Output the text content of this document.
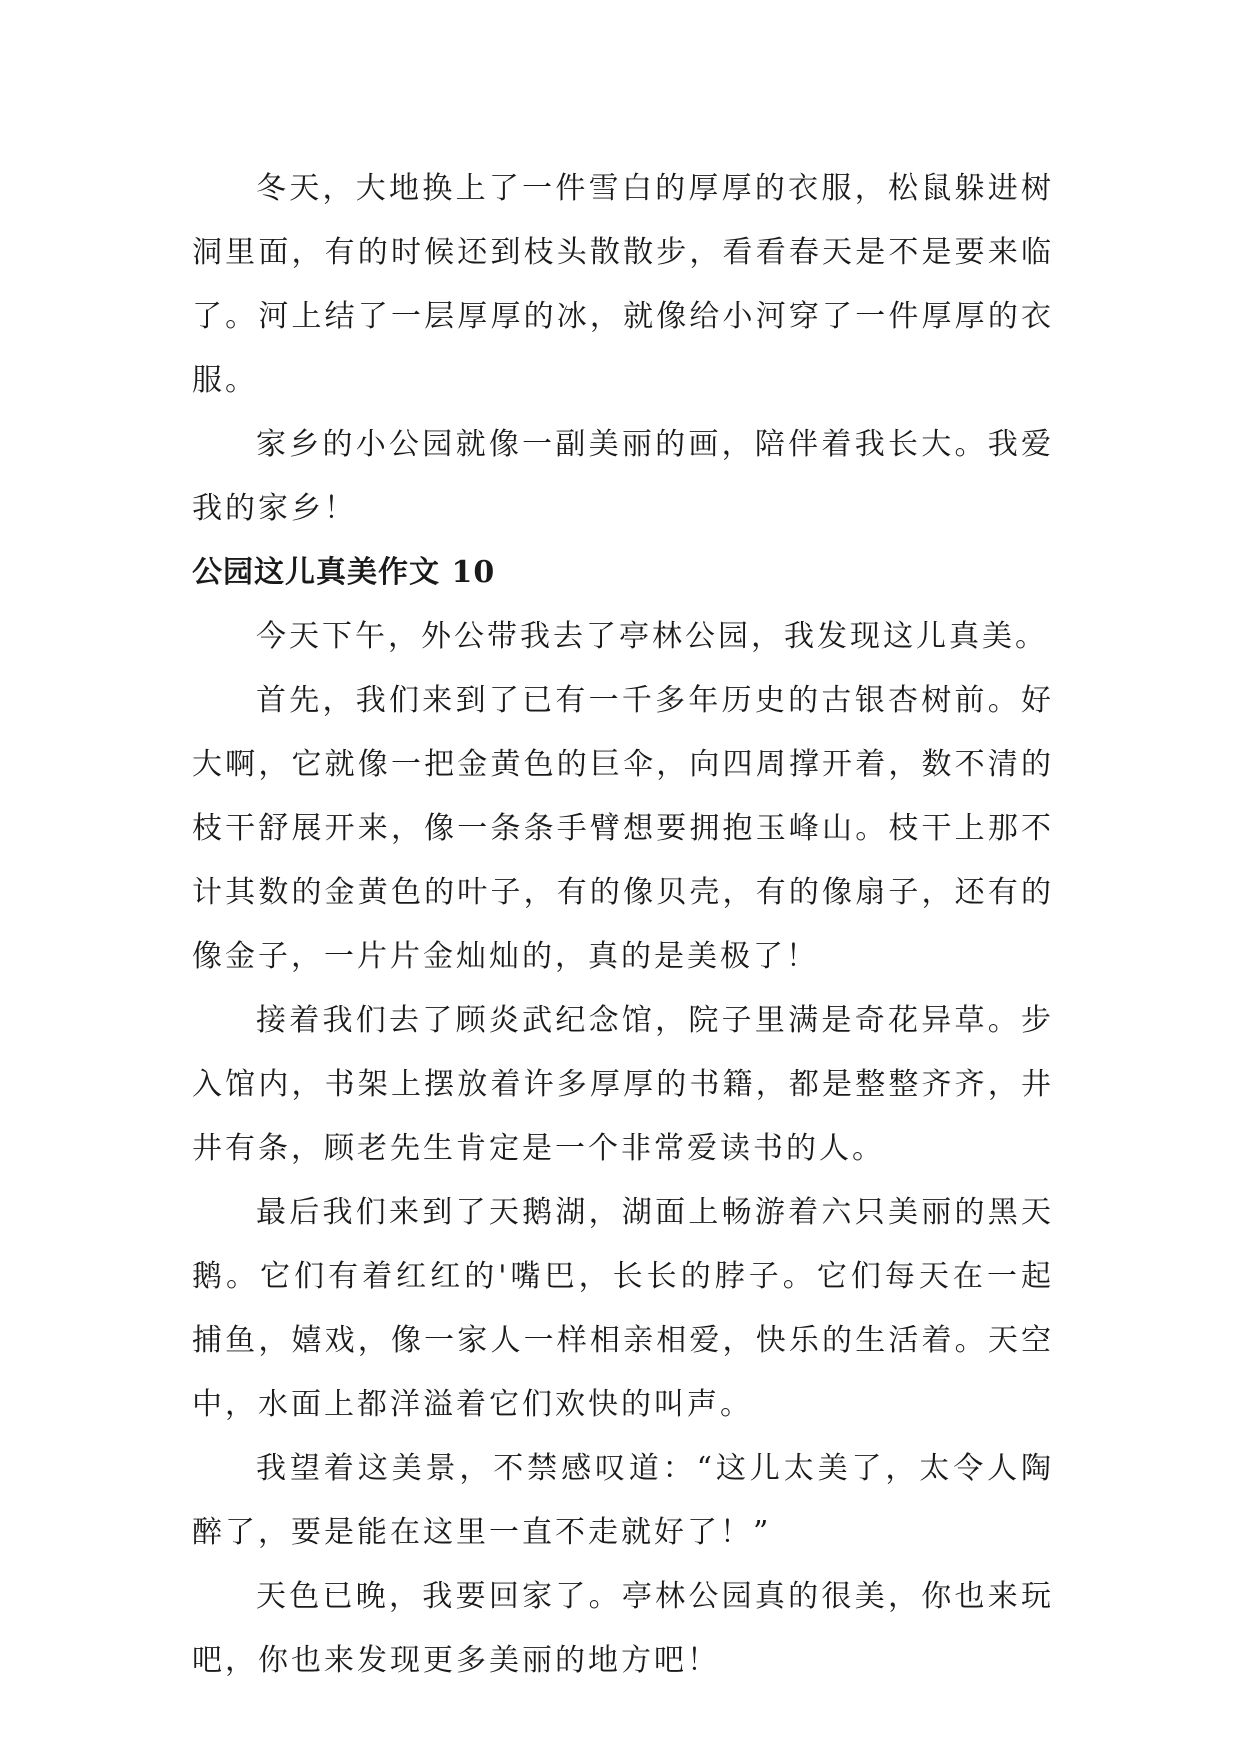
冬天，大地换上了一件雪白的厚厚的衣服，松鼠躲进树洞里面，有的时候还到枝头散散步，看看春天是不是要来临了。河上结了一层厚厚的冰，就像给小河穿了一件厚厚的衣服。

家乡的小公园就像一副美丽的画，陪伴着我长大。我爱我的家乡！

公园这儿真美作文 10

今天下午，外公带我去了亭林公园，我发现这儿真美。

首先，我们来到了已有一千多年历史的古银杏树前。好大啊，它就像一把金黄色的巨伞，向四周撑开着，数不清的枝干舒展开来，像一条条手臂想要拥抱玉峰山。枝干上那不计其数的金黄色的叶子，有的像贝壳，有的像扇子，还有的像金子，一片片金灿灿的，真的是美极了！

接着我们去了顾炎武纪念馆，院子里满是奇花异草。步入馆内，书架上摆放着许多厚厚的书籍，都是整整齐齐，井井有条，顾老先生肯定是一个非常爱读书的人。

最后我们来到了天鹅湖，湖面上畅游着六只美丽的黑天鹅。它们有着红红的'嘴巴，长长的脖子。它们每天在一起捕鱼，嬉戏，像一家人一样相亲相爱，快乐的生活着。天空中，水面上都洋溢着它们欢快的叫声。

我望着这美景，不禁感叹道：“这儿太美了，太令人陶醉了，要是能在这里一直不走就好了！”

天色已晚，我要回家了。亭林公园真的很美，你也来玩吧，你也来发现更多美丽的地方吧！
